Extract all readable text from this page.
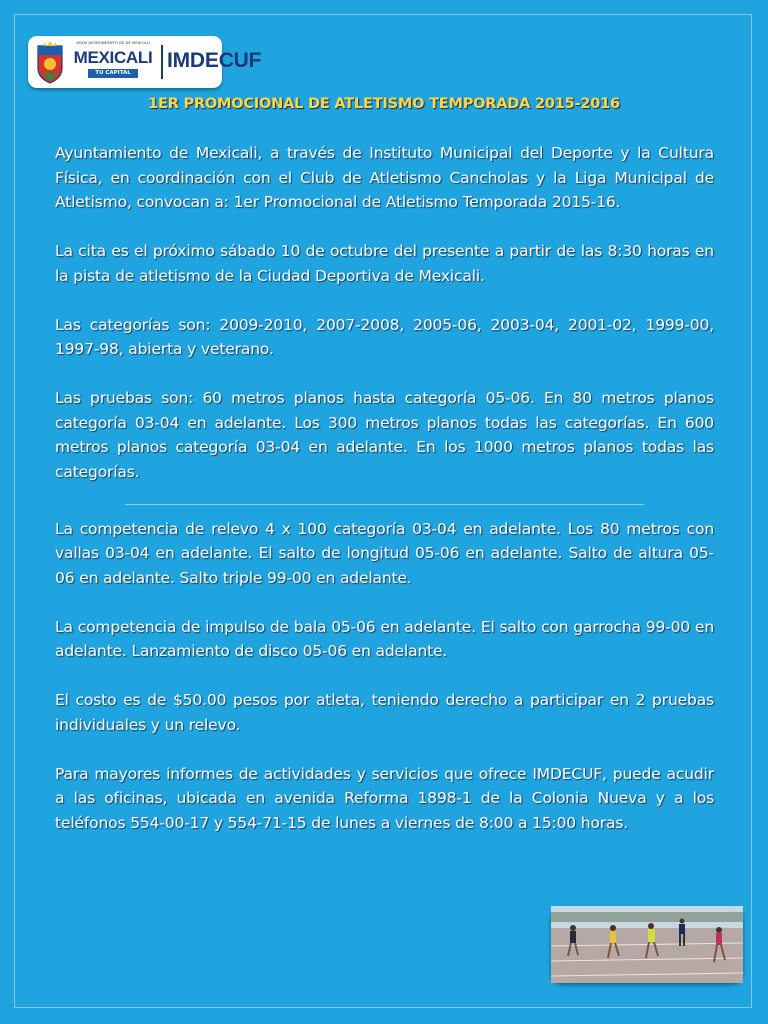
XXXIII AYUNTAMIENTO DE DE MEXICALI
MEXICALI
TU CAPITAL
IMDECUF
1ER PROMOCIONAL DE ATLETISMO TEMPORADA 2015-2016

Ayuntamiento de Mexicali, a través de Instituto Municipal del Deporte y la Cultura Física, en coordinación con el Club de Atletismo Cancholas y la Liga Municipal de Atletismo, convocan a: 1er Promocional de Atletismo Temporada 2015-16.

La cita es el próximo sábado 10 de octubre del presente a partir de las 8:30 horas en la pista de atletismo de la Ciudad Deportiva de Mexicali.

Las categorías son: 2009-2010, 2007-2008, 2005-06, 2003-04, 2001-02, 1999-00, 1997-98, abierta y veterano.

Las pruebas son: 60 metros planos hasta categoría 05-06. En 80 metros planos categoría 03-04 en adelante. Los 300 metros planos todas las categorías. En 600 metros planos categoría 03-04 en adelante. En los 1000 metros planos todas las categorías.

La competencia de relevo 4 x 100 categoría 03-04 en adelante. Los 80 metros con vallas 03-04 en adelante. El salto de longitud 05-06 en adelante. Salto de altura 05-06 en adelante. Salto triple 99-00 en adelante.

La competencia de impulso de bala 05-06 en adelante. El salto con garrocha 99-00 en adelante. Lanzamiento de disco 05-06 en adelante.

El costo es de $50.00 pesos por atleta, teniendo derecho a participar en 2 pruebas individuales y un relevo.

Para mayores informes de actividades y servicios que ofrece IMDECUF, puede acudir a las oficinas, ubicada en avenida Reforma 1898-1 de la Colonia Nueva y a los teléfonos 554-00-17 y 554-71-15 de lunes a viernes de 8:00 a 15:00 horas.
